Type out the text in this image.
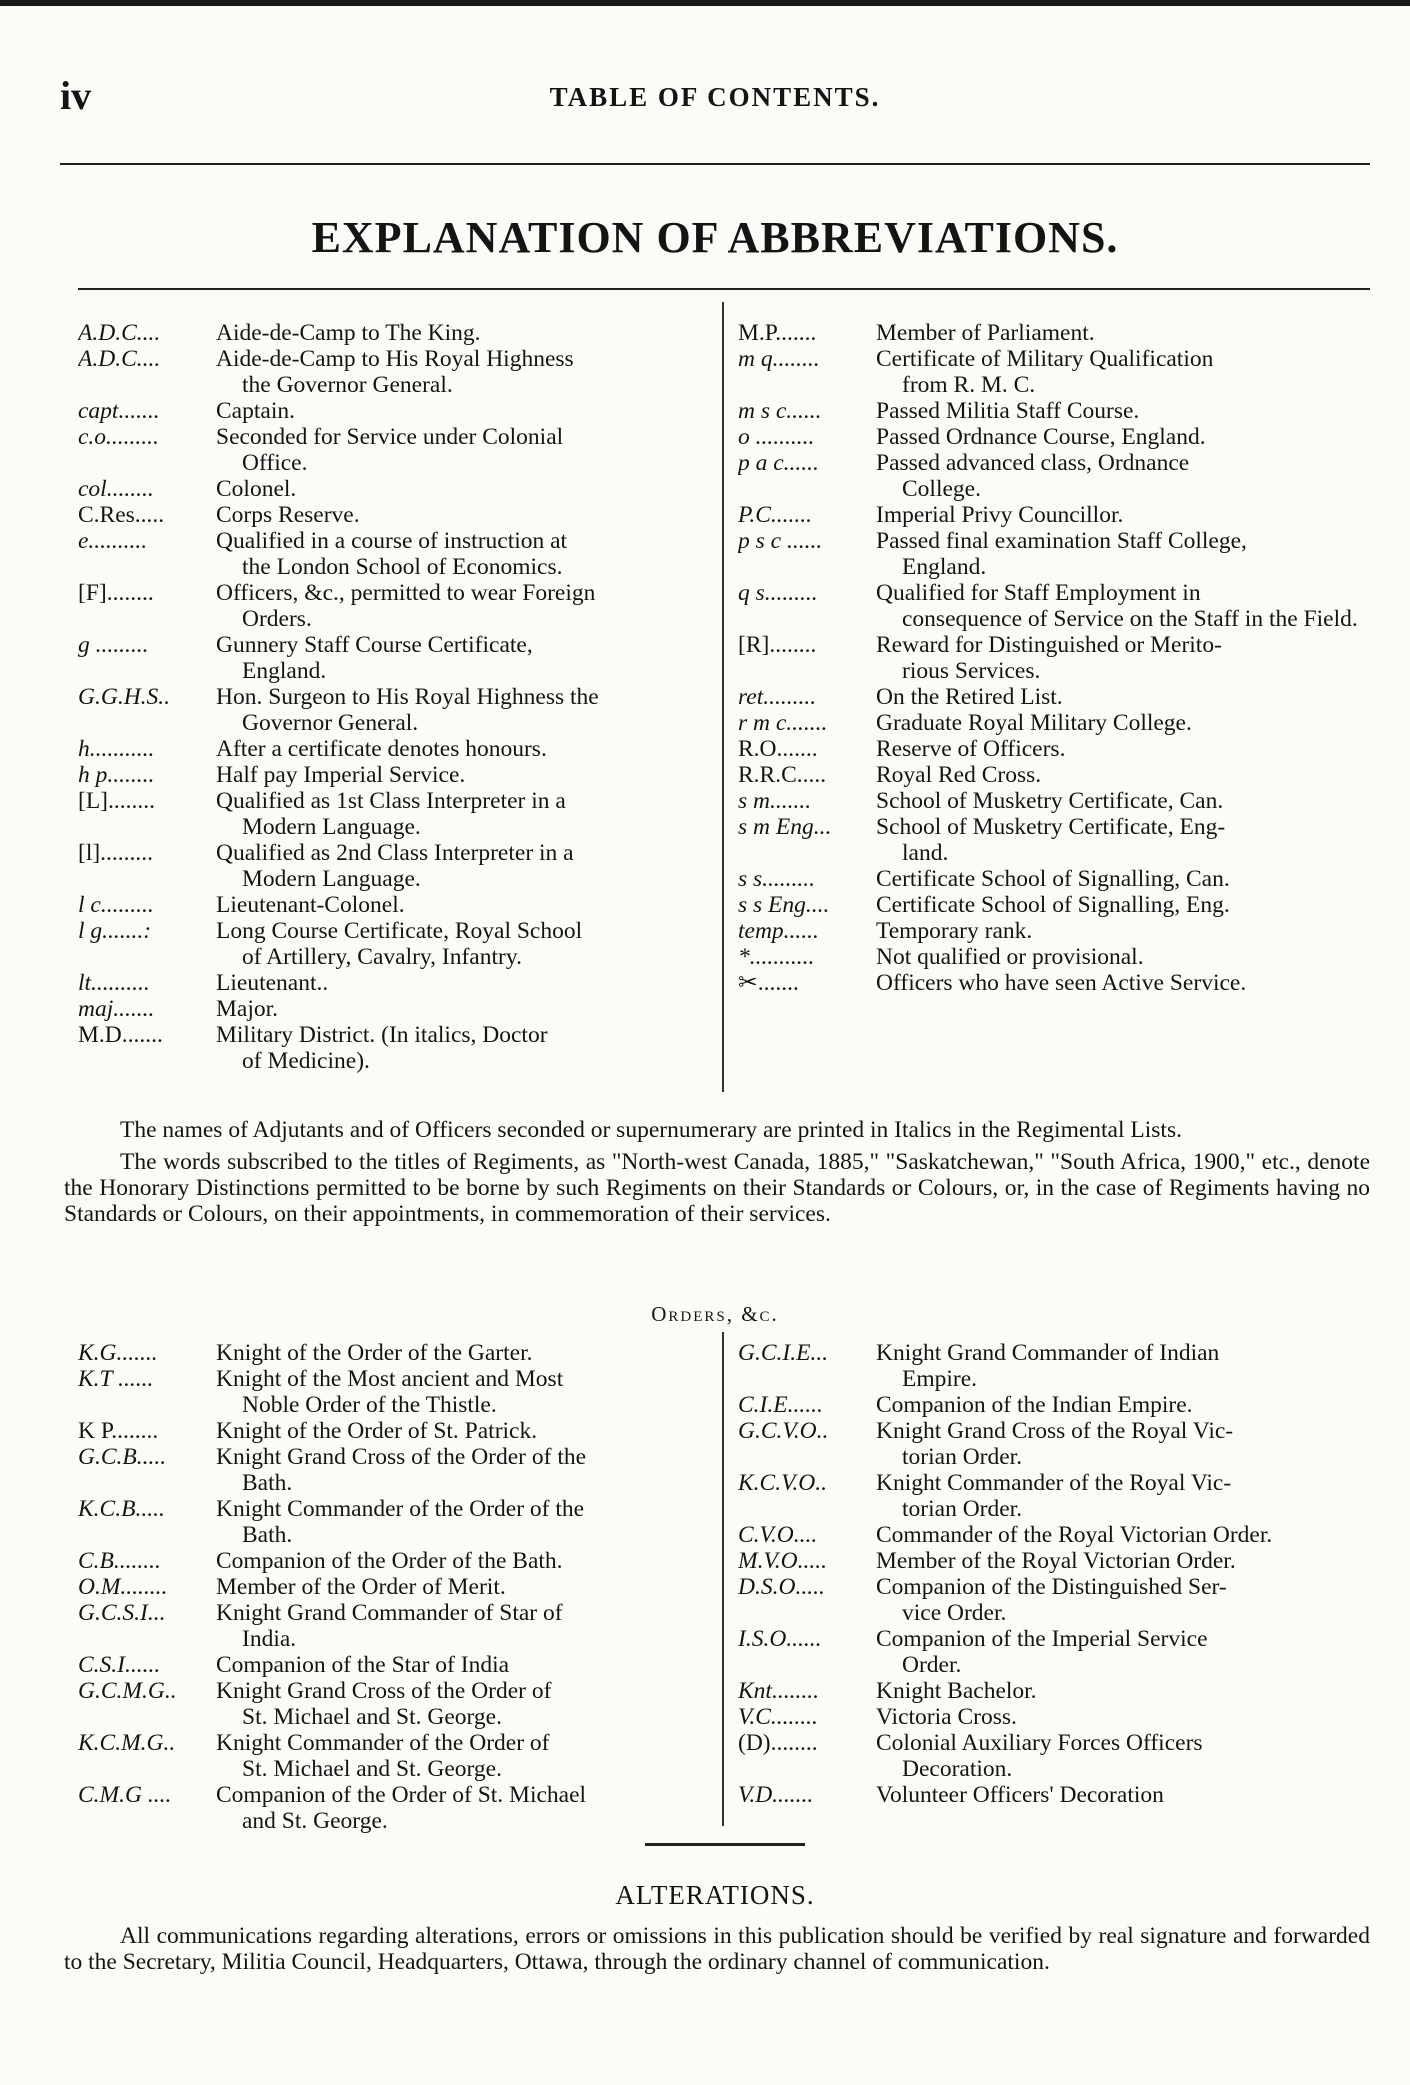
iv	TABLE OF CONTENTS.
EXPLANATION OF ABBREVIATIONS.
A.D.C....	Aide-de-Camp to The King.
A.D.C....	Aide-de-Camp to His Royal Highness
the Governor General.
capt.......	Captain.
c.o.........	Seconded for Service under Colonial
Office.
col........	Colonel.
C.Res.....	Corps Reserve.
e..........	Qualified in a course of instruction at
the London School of Economics.
[F]........	Officers, &c., permitted to wear Foreign
Orders.
g .........	Gunnery Staff Course Certificate,
England.
G.G.H.S..	Hon. Surgeon to His Royal Highness the
Governor General.
h...........	After a certificate denotes honours.
h p........	Half pay Imperial Service.
[L]........	Qualified as 1st Class Interpreter in a
Modern Language.
[l].........	Qualified as 2nd Class Interpreter in a
Modern Language.
l c.........	Lieutenant-Colonel.
l g.......:	Long Course Certificate, Royal School
of Artillery, Cavalry, Infantry.
lt..........	Lieutenant..
maj.......	Major.
M.D.......	Military District. (In italics, Doctor
of Medicine).
M.P.......	Member of Parliament.
m q........	Certificate of Military Qualification
from R. M. C.
m s c......	Passed Militia Staff Course.
o ..........	Passed Ordnance Course, England.
p a c......	Passed advanced class, Ordnance
College.
P.C.......	Imperial Privy Councillor.
p s c ......	Passed final examination Staff College,
England.
q s.........	Qualified for Staff Employment in
consequence of Service on the Staff in the Field.
[R]........	Reward for Distinguished or Merito-
rious Services.
ret.........	On the Retired List.
r m c.......	Graduate Royal Military College.
R.O.......	Reserve of Officers.
R.R.C.....	Royal Red Cross.
s m.......	School of Musketry Certificate, Can.
s m Eng...	School of Musketry Certificate, Eng-
land.
s s.........	Certificate School of Signalling, Can.
s s Eng....	Certificate School of Signalling, Eng.
temp......	Temporary rank.
*...........	Not qualified or provisional.
✂.......	Officers who have seen Active Service.

The names of Adjutants and of Officers seconded or supernumerary are printed in Italics in the Regimental Lists.

The words subscribed to the titles of Regiments, as "North-west Canada, 1885," "Saskatchewan," "South Africa, 1900," etc., denote the Honorary Distinctions permitted to be borne by such Regiments on their Standards or Colours, or, in the case of Regiments having no Standards or Colours, on their appointments, in commemoration of their services.

Orders, &c.
K.G.......	Knight of the Order of the Garter.
K.T ......	Knight of the Most ancient and Most
Noble Order of the Thistle.
K P........	Knight of the Order of St. Patrick.
G.C.B.....	Knight Grand Cross of the Order of the
Bath.
K.C.B.....	Knight Commander of the Order of the
Bath.
C.B........	Companion of the Order of the Bath.
O.M........	Member of the Order of Merit.
G.C.S.I...	Knight Grand Commander of Star of
India.
C.S.I......	Companion of the Star of India
G.C.M.G..	Knight Grand Cross of the Order of
St. Michael and St. George.
K.C.M.G..	Knight Commander of the Order of
St. Michael and St. George.
C.M.G ....	Companion of the Order of St. Michael
and St. George.
G.C.I.E...	Knight Grand Commander of Indian
Empire.
C.I.E......	Companion of the Indian Empire.
G.C.V.O..	Knight Grand Cross of the Royal Vic-
torian Order.
K.C.V.O..	Knight Commander of the Royal Vic-
torian Order.
C.V.O....	Commander of the Royal Victorian Order.
M.V.O.....	Member of the Royal Victorian Order.
D.S.O.....	Companion of the Distinguished Ser-
vice Order.
I.S.O......	Companion of the Imperial Service
Order.
Knt........	Knight Bachelor.
V.C........	Victoria Cross.
(D)........	Colonial Auxiliary Forces Officers
Decoration.
V.D.......	Volunteer Officers' Decoration
ALTERATIONS.

All communications regarding alterations, errors or omissions in this publication should be verified by real signature and forwarded to the Secretary, Militia Council, Headquarters, Ottawa, through the ordinary channel of communication.
